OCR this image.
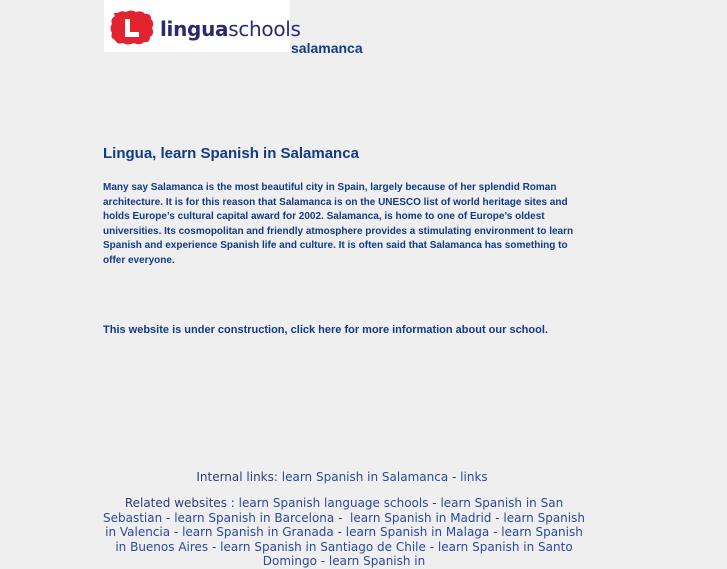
linguaschools
salamanca
Lingua, learn Spanish in Salamanca

Many say Salamanca is the most beautiful city in Spain, largely because of her splendid Roman architecture. It is for this reason that Salamanca is on the UNESCO list of world heritage sites and holds Europe’s cultural capital award for 2002. Salamanca, is home to one of Europe’s oldest universities. Its cosmopolitan and friendly atmosphere provides a stimulating environment to learn Spanish and experience Spanish life and culture. It is often said that Salamanca has something to offer everyone.

This website is under construction, click here for more information about our school.

Internal links: learn Spanish in Salamanca - links
Related websites : learn Spanish language schools - learn Spanish in San Sebastian - learn Spanish in Barcelona -  learn Spanish in Madrid - learn Spanish in Valencia - learn Spanish in Granada - learn Spanish in Malaga - learn Spanish in Buenos Aires - learn Spanish in Santiago de Chile - learn Spanish in Santo Domingo - learn Spanish in
